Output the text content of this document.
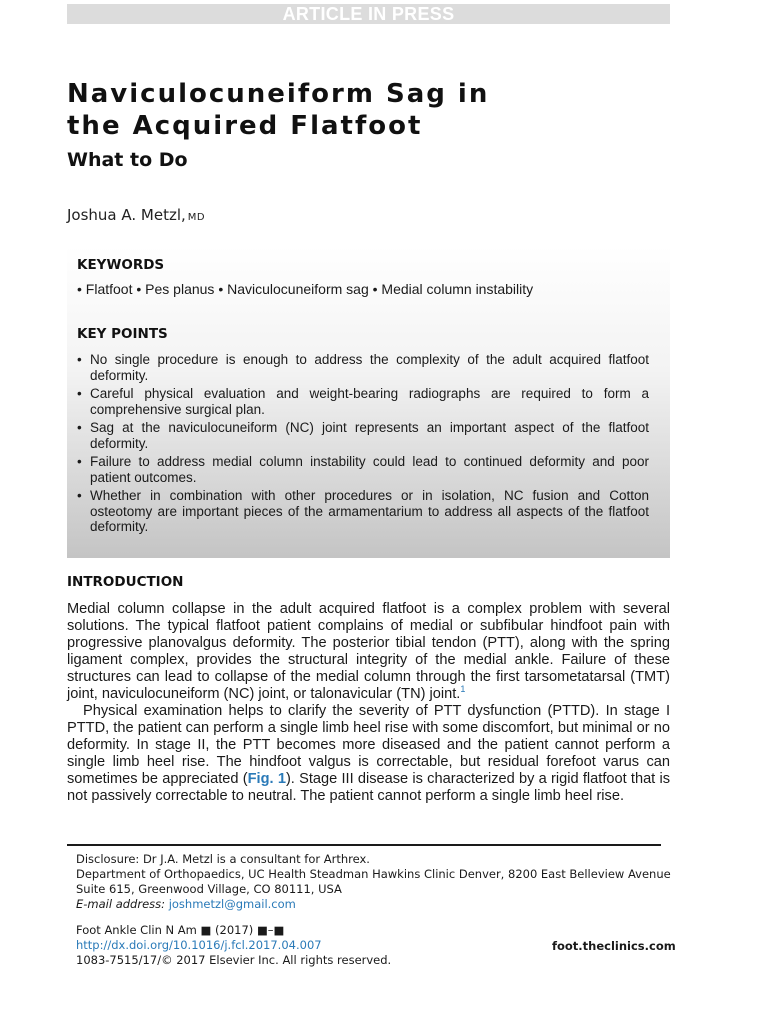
ARTICLE IN PRESS
Naviculocuneiform Sag in
the Acquired Flatfoot
What to Do
Joshua A. Metzl, MD
KEYWORDS
• Flatfoot • Pes planus • Naviculocuneiform sag • Medial column instability
KEY POINTS
• No single procedure is enough to address the complexity of the adult acquired flatfoot deformity.
• Careful physical evaluation and weight-bearing radiographs are required to form a comprehensive surgical plan.
• Sag at the naviculocuneiform (NC) joint represents an important aspect of the flatfoot deformity.
• Failure to address medial column instability could lead to continued deformity and poor patient outcomes.
• Whether in combination with other procedures or in isolation, NC fusion and Cotton osteotomy are important pieces of the armamentarium to address all aspects of the flatfoot deformity.
INTRODUCTION

Medial column collapse in the adult acquired flatfoot is a complex problem with several solutions. The typical flatfoot patient complains of medial or subfibular hindfoot pain with progressive planovalgus deformity. The posterior tibial tendon (PTT), along with the spring ligament complex, provides the structural integrity of the medial ankle. Failure of these structures can lead to collapse of the medial column through the first tarsometatarsal (TMT) joint, naviculocuneiform (NC) joint, or talonavicular (TN) joint.$^1$

Physical examination helps to clarify the severity of PTT dysfunction (PTTD). In stage I PTTD, the patient can perform a single limb heel rise with some discomfort, but minimal or no deformity. In stage II, the PTT becomes more diseased and the patient cannot perform a single limb heel rise. The hindfoot valgus is correctable, but residual forefoot varus can sometimes be appreciated (Fig. 1). Stage III disease is characterized by a rigid flatfoot that is not passively correctable to neutral. The patient cannot perform a single limb heel rise.

Disclosure: Dr J.A. Metzl is a consultant for Arthrex.
Department of Orthopaedics, UC Health Steadman Hawkins Clinic Denver, 8200 East Belleview Avenue Suite 615, Greenwood Village, CO 80111, USA
E-mail address: joshmetzl@gmail.com
Foot Ankle Clin N Am ■ (2017) ■–■
http://dx.doi.org/10.1016/j.fcl.2017.04.007
1083-7515/17/© 2017 Elsevier Inc. All rights reserved.
foot.theclinics.com
